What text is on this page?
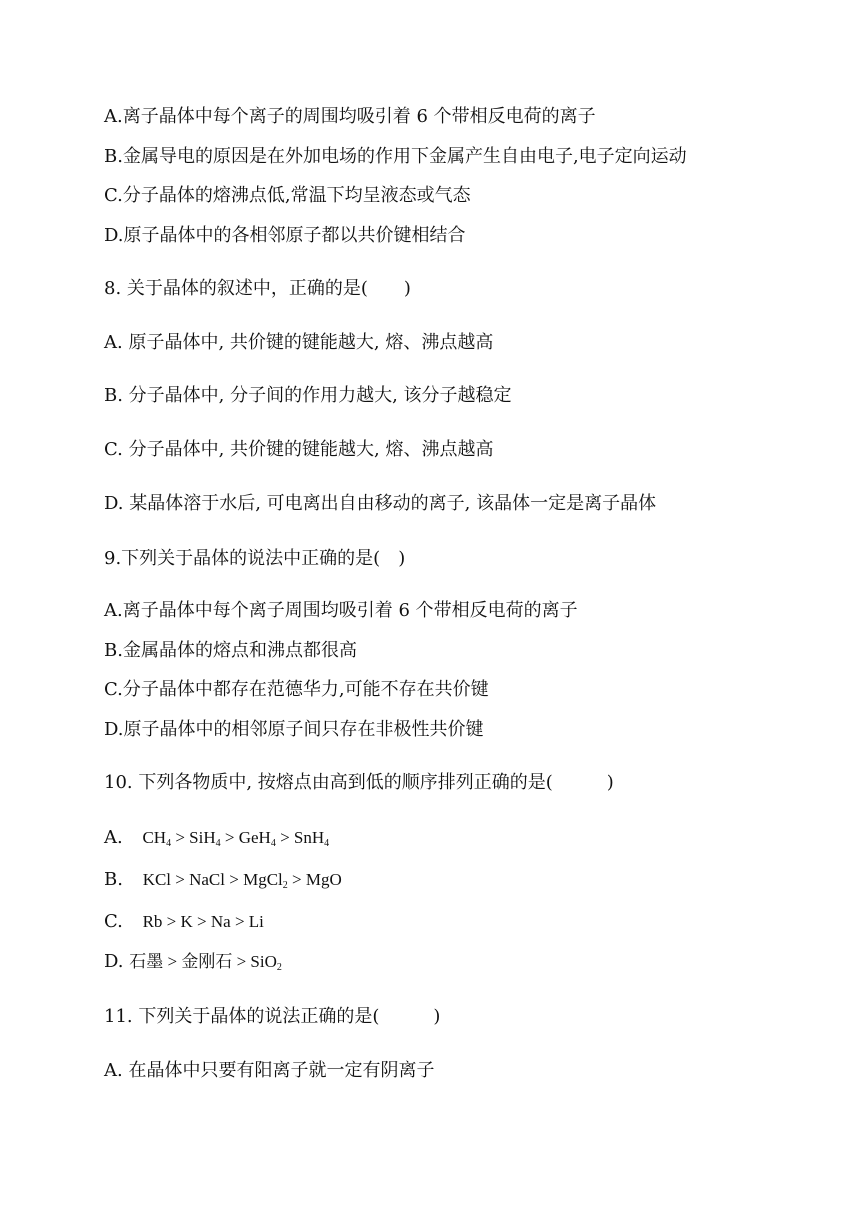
A.离子晶体中每个离子的周围均吸引着 6 个带相反电荷的离子
B.金属导电的原因是在外加电场的作用下金属产生自由电子,电子定向运动
C.分子晶体的熔沸点低,常温下均呈液态或气态
D.原子晶体中的各相邻原子都以共价键相结合
8. 关于晶体的叙述中，正确的是(　　)
A. 原子晶体中, 共价键的键能越大, 熔、沸点越高
B. 分子晶体中, 分子间的作用力越大, 该分子越稳定
C. 分子晶体中, 共价键的键能越大, 熔、沸点越高
D. 某晶体溶于水后, 可电离出自由移动的离子, 该晶体一定是离子晶体
9.下列关于晶体的说法中正确的是(　)
A.离子晶体中每个离子周围均吸引着 6 个带相反电荷的离子
B.金属晶体的熔点和沸点都很高
C.分子晶体中都存在范德华力,可能不存在共价键
D.原子晶体中的相邻原子间只存在非极性共价键
10. 下列各物质中, 按熔点由高到低的顺序排列正确的是(　　　)
A. $CH_4 > SiH_4 > GeH_4 > SnH_4$
B. KCl > NaCl > MgCl$_2$ > MgO
C. Rb > K > Na > Li
D. 石墨 > 金刚石 > SiO$_2$
11. 下列关于晶体的说法正确的是(　　　)
A. 在晶体中只要有阳离子就一定有阴离子
